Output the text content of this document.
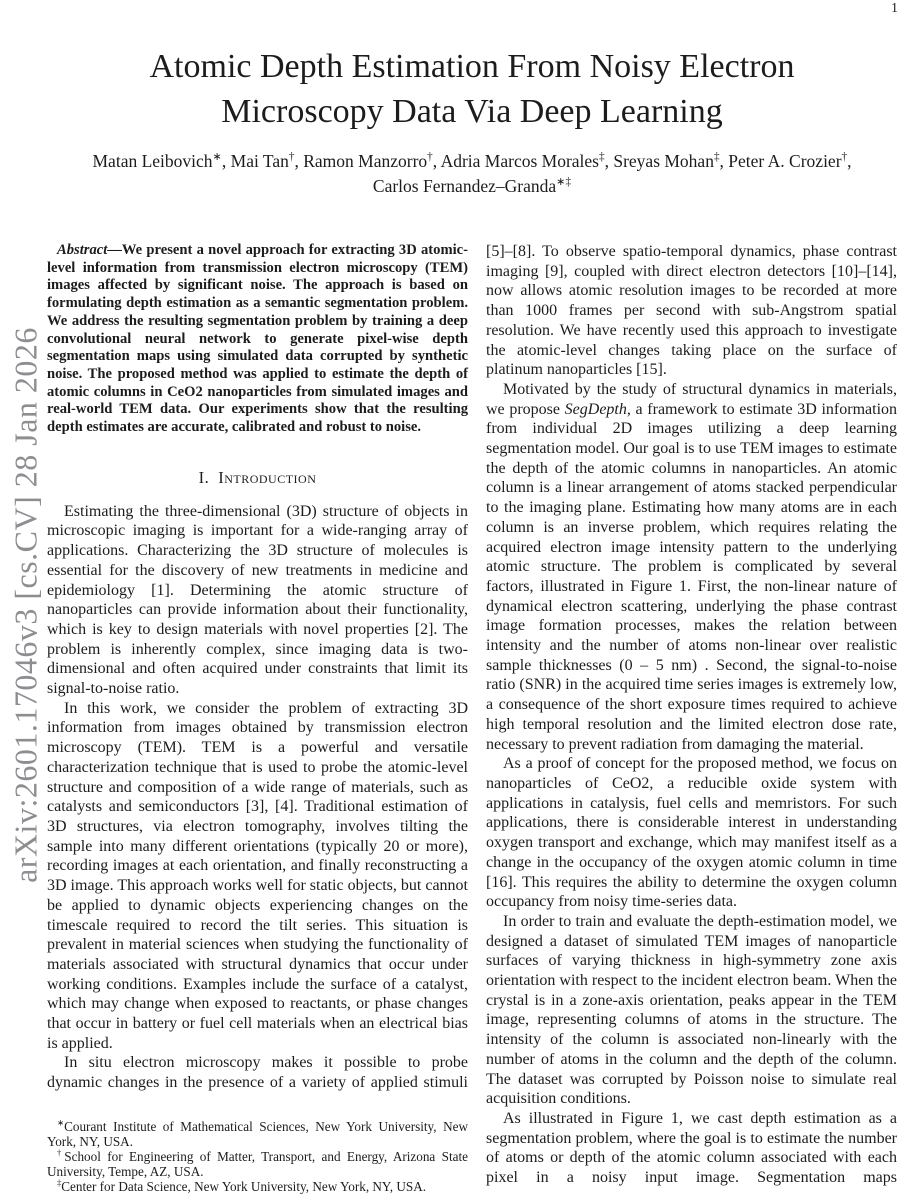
1
arXiv:2601.17046v3 [cs.CV] 28 Jan 2026
Atomic Depth Estimation From Noisy Electron
Microscopy Data Via Deep Learning
Matan Leibovich∗, Mai Tan†, Ramon Manzorro†, Adria Marcos Morales‡, Sreyas Mohan‡, Peter A. Crozier†,
Carlos Fernandez–Granda∗‡

Abstract—We present a novel approach for extracting 3D atomic-level information from transmission electron microscopy (TEM) images affected by significant noise. The approach is based on formulating depth estimation as a semantic segmentation problem. We address the resulting segmentation problem by training a deep convolutional neural network to generate pixel-wise depth segmentation maps using simulated data corrupted by synthetic noise. The proposed method was applied to estimate the depth of atomic columns in CeO2 nanoparticles from simulated images and real-world TEM data. Our experiments show that the resulting depth estimates are accurate, calibrated and robust to noise.

I. Introduction

Estimating the three-dimensional (3D) structure of objects in microscopic imaging is important for a wide-ranging array of applications. Characterizing the 3D structure of molecules is essential for the discovery of new treatments in medicine and epidemiology [1]. Determining the atomic structure of nanoparticles can provide information about their functionality, which is key to design materials with novel properties [2]. The problem is inherently complex, since imaging data is two-dimensional and often acquired under constraints that limit its signal-to-noise ratio.

In this work, we consider the problem of extracting 3D information from images obtained by transmission electron microscopy (TEM). TEM is a powerful and versatile characterization technique that is used to probe the atomic-level structure and composition of a wide range of materials, such as catalysts and semiconductors [3], [4]. Traditional estimation of 3D structures, via electron tomography, involves tilting the sample into many different orientations (typically 20 or more), recording images at each orientation, and finally reconstructing a 3D image. This approach works well for static objects, but cannot be applied to dynamic objects experiencing changes on the timescale required to record the tilt series. This situation is prevalent in material sciences when studying the functionality of materials associated with structural dynamics that occur under working conditions. Examples include the surface of a catalyst, which may change when exposed to reactants, or phase changes that occur in battery or fuel cell materials when an electrical bias is applied.

In situ electron microscopy makes it possible to probe dynamic changes in the presence of a variety of applied stimuli

∗Courant Institute of Mathematical Sciences, New York University, New York, NY, USA.

†School for Engineering of Matter, Transport, and Energy, Arizona State University, Tempe, AZ, USA.

‡Center for Data Science, New York University, New York, NY, USA.

[5]–[8]. To observe spatio-temporal dynamics, phase contrast imaging [9], coupled with direct electron detectors [10]–[14], now allows atomic resolution images to be recorded at more than 1000 frames per second with sub-Angstrom spatial resolution. We have recently used this approach to investigate the atomic-level changes taking place on the surface of platinum nanoparticles [15].

Motivated by the study of structural dynamics in materials, we propose SegDepth, a framework to estimate 3D information from individual 2D images utilizing a deep learning segmentation model. Our goal is to use TEM images to estimate the depth of the atomic columns in nanoparticles. An atomic column is a linear arrangement of atoms stacked perpendicular to the imaging plane. Estimating how many atoms are in each column is an inverse problem, which requires relating the acquired electron image intensity pattern to the underlying atomic structure. The problem is complicated by several factors, illustrated in Figure 1. First, the non-linear nature of dynamical electron scattering, underlying the phase contrast image formation processes, makes the relation between intensity and the number of atoms non-linear over realistic sample thicknesses (0 – 5 nm) . Second, the signal-to-noise ratio (SNR) in the acquired time series images is extremely low, a consequence of the short exposure times required to achieve high temporal resolution and the limited electron dose rate, necessary to prevent radiation from damaging the material.

As a proof of concept for the proposed method, we focus on nanoparticles of CeO2, a reducible oxide system with applications in catalysis, fuel cells and memristors. For such applications, there is considerable interest in understanding oxygen transport and exchange, which may manifest itself as a change in the occupancy of the oxygen atomic column in time [16]. This requires the ability to determine the oxygen column occupancy from noisy time-series data.

In order to train and evaluate the depth-estimation model, we designed a dataset of simulated TEM images of nanoparticle surfaces of varying thickness in high-symmetry zone axis orientation with respect to the incident electron beam. When the crystal is in a zone-axis orientation, peaks appear in the TEM image, representing columns of atoms in the structure. The intensity of the column is associated non-linearly with the number of atoms in the column and the depth of the column. The dataset was corrupted by Poisson noise to simulate real acquisition conditions.

As illustrated in Figure 1, we cast depth estimation as a segmentation problem, where the goal is to estimate the number of atoms or depth of the atomic column associated with each pixel in a noisy input image. Segmentation maps
